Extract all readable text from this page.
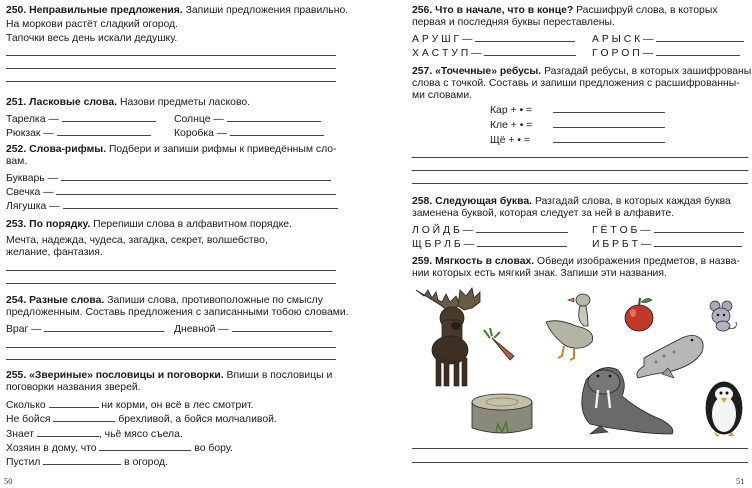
250. Неправильные предложения. Запиши предложения правильно.
На моркови растёт сладкий огород.
Тапочки весь день искали дедушку.
251. Ласковые слова. Назови предметы ласково.
Тарелка —	Солнце —
Рюкзак —	Коробка —
252. Слова-рифмы. Подбери и запиши рифмы к приведённым сло-
вам.
Букварь —
Свечка —
Лягушка —
253. По порядку. Перепиши слова в алфавитном порядке.
Мечта, надежда, чудеса, загадка, секрет, волшебство,
желание, фантазия.
254. Разные слова. Запиши слова, противоположные по смыслу
предложенным. Составь предложения с записанными тобою словами.
Враг —	Дневной —
255. «Звериные» пословицы и поговорки. Впиши в пословицы и
поговорки названия зверей.
Сколько	ни корми, он всё в лес смотрит.
Не бойся	брехливой, а бойся молчаливой.
Знает	, чьё мясо съела.
Хозяин в дому, что	во бору.
Пустил	в огород.
50
256. Что в начале, что в конце? Расшифруй слова, в которых
первая и последняя буквы переставлены.
А Р У Ш Г —	А Р Ы С К —
Х А С Т У П —	Г О Р О П —
257. «Точечные» ребусы. Разгадай ребусы, в которых зашифрованы
слова с точкой. Составь и запиши предложения с расшифрованны-
ми словами.
Кар + • =
Кле + • =
Щё + • =
258. Следующая буква. Разгадай слова, в которых каждая буква
заменена буквой, которая следует за ней в алфавите.
Л О Й Д Б —	Г Ё Т О Б —
Щ Б Р Л Б —	И Б Р Б Т —
259. Мягкость в словах. Обведи изображения предметов, в назва-
нии которых есть мягкий знак. Запиши эти названия.
51
